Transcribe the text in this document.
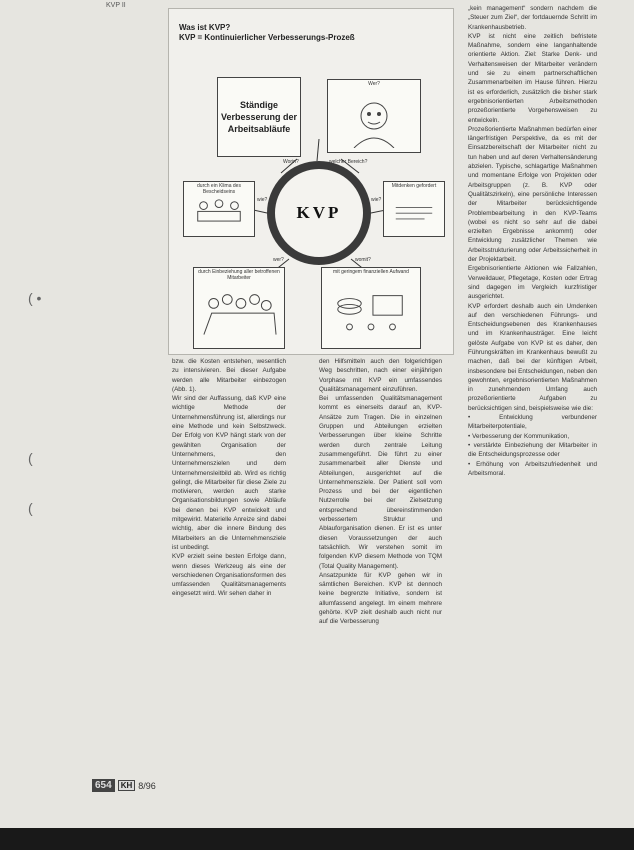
( •
(
(
KVP II
Was ist KVP?
KVP = Kontinuierlicher Verbesserungs-Prozeß
Ständige Verbesserung der Arbeitsabläufe
Wer?
durch ein Klima des Bescheidseins
Mitdenken gefordert
KVP
durch Einbeziehung aller betroffenen Mitarbeiter
mit geringem finanziellen Aufwand
Worin?	welcher Bereich?
wie?	wie?
wer?	womit?

bzw. die Kosten entstehen, wesentlich zu intensivieren. Bei dieser Aufgabe werden alle Mitarbeiter einbezogen (Abb. 1).

Wir sind der Auffassung, daß KVP eine wichtige Methode der Unternehmensführung ist, allerdings nur eine Methode und kein Selbstzweck. Der Erfolg von KVP hängt stark von der gewählten Organisation der Unternehmens, den Unternehmenszielen und dem Unternehmensleitbild ab. Wird es richtig gelingt, die Mitarbeiter für diese Ziele zu motivieren, werden auch starke Organisationsbildungen sowie Abläufe bei denen bei KVP entwickelt und mitgewirkt. Materielle Anreize sind dabei wichtig, aber die innere Bindung des Mitarbeiters an die Unternehmensziele ist unbedingt.

KVP erzielt seine besten Erfolge dann, wenn dieses Werkzeug als eine der verschiedenen Organisationsformen des umfassenden Qualitätsmanagements eingesetzt wird. Wir sehen daher in

den Hilfsmitteln auch den folgerichtigen Weg beschritten, nach einer einjährigen Vorphase mit KVP ein umfassendes Qualitätsmanagement einzuführen.

Bei umfassenden Qualitätsmanagement kommt es einerseits darauf an, KVP-Ansätze zum Tragen. Die in einzelnen Gruppen und Abteilungen erzielten Verbesserungen über kleine Schritte werden durch zentrale Leitung zusammengeführt. Die führt zu einer zusammenarbeit aller Dienste und Abteilungen, ausgerichtet auf die Unternehmensziele. Der Patient soll vom Prozess und bei der eigentlichen Nutzerrolle bei der Zielsetzung entsprechend übereinstimmenden verbessertem Struktur und Ablauforganisation dienen. Er ist es unter diesen Voraussetzungen der auch tatsächlich. Wir verstehen somit im folgenden KVP diesem Methode von TQM (Total Quality Management).

Ansatzpunkte für KVP gehen wir in sämtlichen Bereichen. KVP ist dennoch keine begrenzte Initiative, sondern ist allumfassend angelegt. Im einem mehrere gehörte. KVP zielt deshalb auch nicht nur auf die Verbesserung

„kein management“ sondern nachdem die „Steuer zum Ziel“, der fortdauernde Schritt im Krankenhausbetrieb.

KVP ist nicht eine zeitlich befristete Maßnahme, sondern eine langanhaltende orientierte Aktion. Ziel: Starke Denk- und Verhaltensweisen der Mitarbeiter verändern und sie zu einem partnerschaftlichen Zusammenarbeiten im Hause führen. Hierzu ist es erforderlich, zusätzlich die bisher stark ergebnisorientierten Arbeitsmethoden prozeßorientierte Vorgehensweisen zu entwickeln.

Prozeßorientierte Maßnahmen bedürfen einer längerfristigen Perspektive, da es mit der Einsatzbereitschaft der Mitarbeiter nicht zu tun haben und auf deren Verhaltensänderung abzielen. Typische, schlagartige Maßnahmen und momentane Erfolge von Projekten oder Arbeitsgruppen (z. B. KVP oder Qualitätszirkeln), eine persönliche Interessen der Mitarbeiter berücksichtigende Problembearbeitung in den KVP-Teams (wobei es nicht so sehr auf die dabei erzielten Ergebnisse ankommt) oder Entwicklung zusätzlicher Themen wie Arbeitsstrukturierung oder Arbeitssicherheit in der Projektarbeit.

Ergebnisorientierte Aktionen wie Fallzahlen, Verweildauer, Pflegetage, Kosten oder Ertrag sind dagegen im Vergleich kurzfristiger ausgerichtet.

KVP erfordert deshalb auch ein Umdenken auf den verschiedenen Führungs- und Entscheidungsebenen des Krankenhauses und im Krankenhausträger. Eine leicht gelöste Aufgabe von KVP ist es daher, den Führungskräften im Krankenhaus bewußt zu machen, daß bei der künftigen Arbeit, insbesondere bei Entscheidungen, neben den gewohnten, ergebnisorientierten Maßnahmen in zunehmendem Umfang auch prozeßorientierte Aufgaben zu berücksichtigen sind, beispielsweise wie die:

• Entwicklung verbundener Mitarbeiterpotentiale,

• Verbesserung der Kommunikation,

• verstärkte Einbeziehung der Mitarbeiter in die Entscheidungsprozesse oder

• Erhöhung von Arbeitszufriedenheit und Arbeitsmoral.

654	KH 8/96
